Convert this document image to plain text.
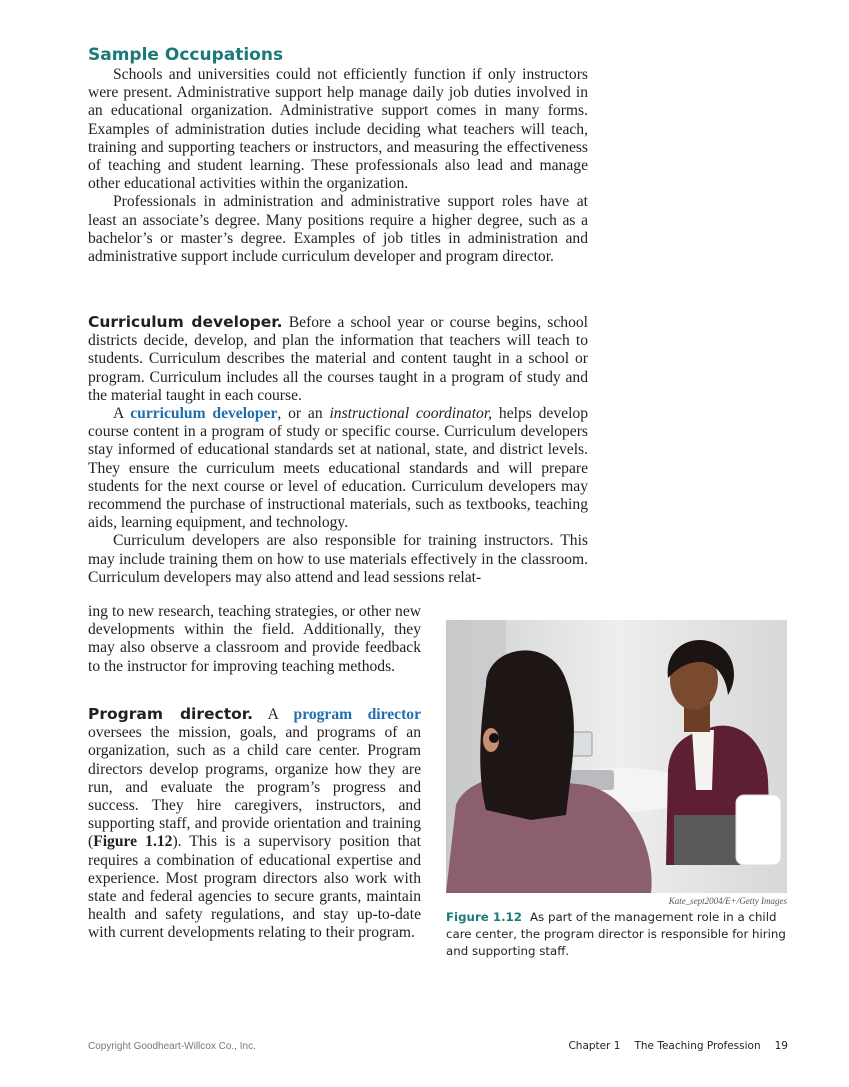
Sample Occupations

Schools and universities could not efficiently function if only instructors were present. Administrative support help manage daily job duties involved in an educational organization. Administrative support comes in many forms. Examples of administration duties include deciding what teachers will teach, training and supporting teachers or instructors, and measuring the effectiveness of teaching and student learning. These professionals also lead and manage other educational activities within the organization.

Professionals in administration and administrative support roles have at least an associate’s degree. Many positions require a higher degree, such as a bachelor’s or master’s degree. Examples of job titles in administration and administrative support include curriculum developer and program director.

Curriculum developer. Before a school year or course begins, school districts decide, develop, and plan the information that teachers will teach to students. Curriculum describes the material and content taught in a school or program. Curriculum includes all the courses taught in a program of study and the material taught in each course.

A curriculum developer, or an instructional coordinator, helps develop course content in a program of study or specific course. Curriculum developers stay informed of educational standards set at national, state, and district levels. They ensure the curriculum meets educational standards and will prepare students for the next course or level of education. Curriculum developers may recommend the purchase of instructional materials, such as textbooks, teaching aids, learning equipment, and technology.

Curriculum developers are also responsible for training instructors. This may include training them on how to use materials effectively in the classroom. Curriculum developers may also attend and lead sessions relat-

ing to new research, teaching strategies, or other new developments within the field. Additionally, they may also observe a classroom and provide feedback to the instructor for improving teaching methods.

Program director. A program director oversees the mission, goals, and programs of an organization, such as a child care center. Program directors develop programs, organize how they are run, and evaluate the program’s progress and success. They hire caregivers, instructors, and supporting staff, and provide orientation and training (Figure 1.12). This is a supervisory position that requires a combination of educational expertise and experience. Most program directors also work with state and federal agencies to secure grants, maintain health and safety regulations, and stay up-to-date with current developments relating to their program.

Kate_sept2004/E+/Getty Images
Figure 1.12 As part of the management role in a child care center, the program director is responsible for hiring and supporting staff.
Copyright Goodheart-Willcox Co., Inc.	Chapter 1 The Teaching Profession 19
